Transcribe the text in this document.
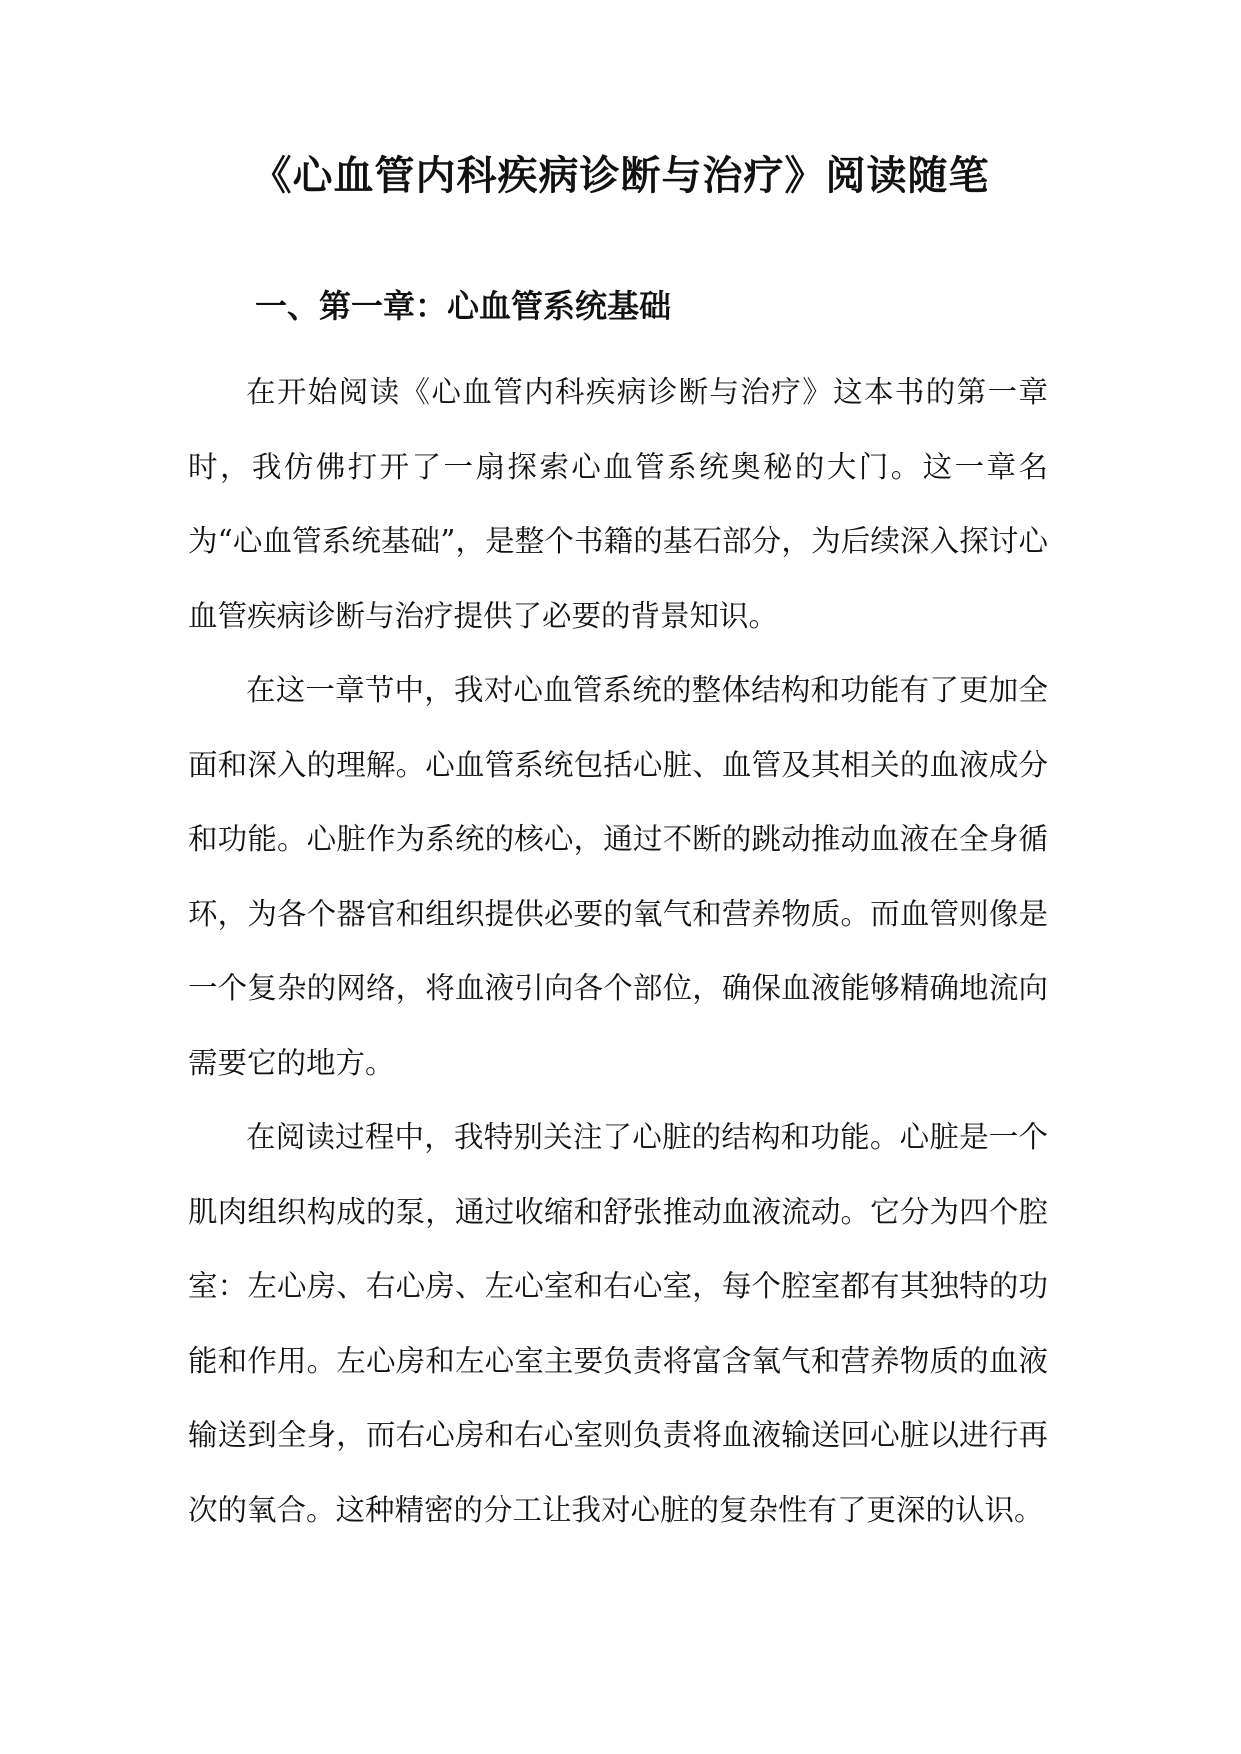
《心血管内科疾病诊断与治疗》阅读随笔
一、第一章：心血管系统基础

在开始阅读《心血管内科疾病诊断与治疗》这本书的第一章时，我仿佛打开了一扇探索心血管系统奥秘的大门。这一章名为“心血管系统基础”，是整个书籍的基石部分，为后续深入探讨心血管疾病诊断与治疗提供了必要的背景知识。

在这一章节中，我对心血管系统的整体结构和功能有了更加全面和深入的理解。心血管系统包括心脏、血管及其相关的血液成分和功能。心脏作为系统的核心，通过不断的跳动推动血液在全身循环，为各个器官和组织提供必要的氧气和营养物质。而血管则像是一个复杂的网络，将血液引向各个部位，确保血液能够精确地流向需要它的地方。

在阅读过程中，我特别关注了心脏的结构和功能。心脏是一个肌肉组织构成的泵，通过收缩和舒张推动血液流动。它分为四个腔室：左心房、右心房、左心室和右心室，每个腔室都有其独特的功能和作用。左心房和左心室主要负责将富含氧气和营养物质的血液输送到全身，而右心房和右心室则负责将血液输送回心脏以进行再次的氧合。这种精密的分工让我对心脏的复杂性有了更深的认识。
